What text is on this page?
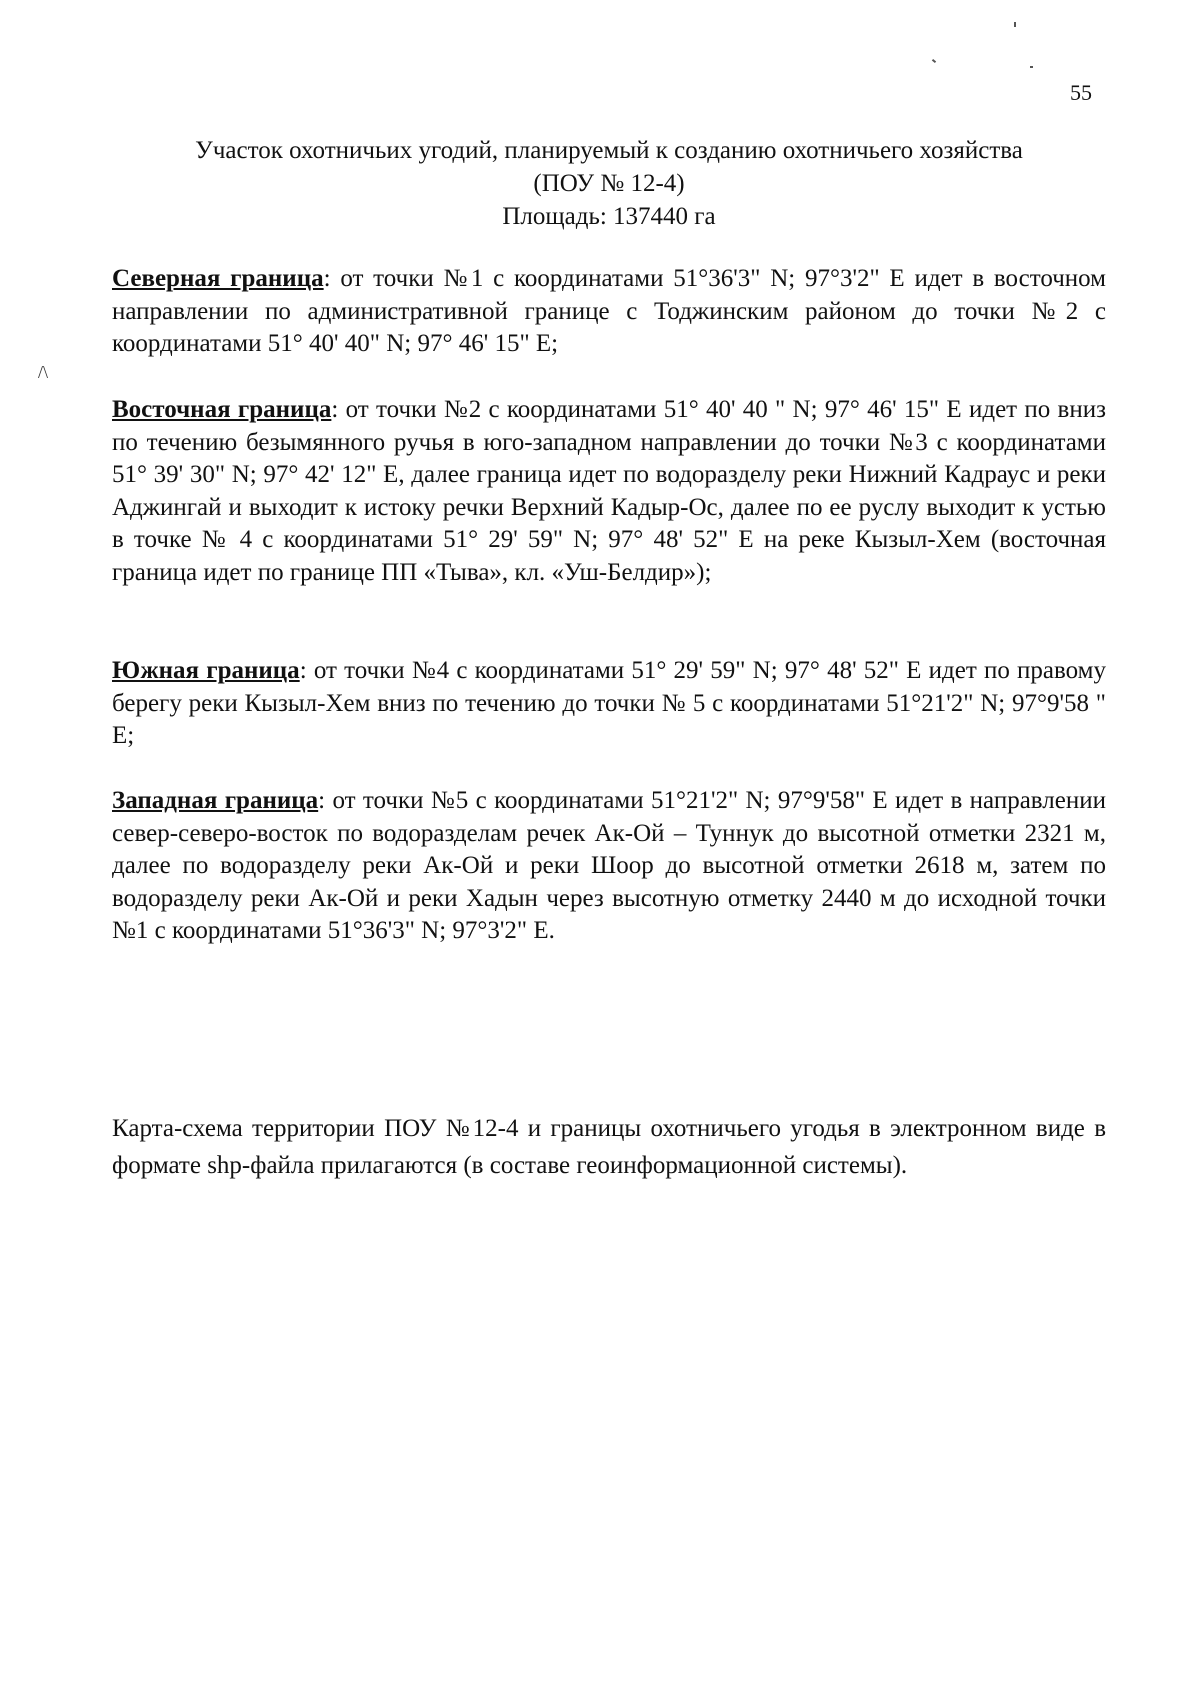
55
Участок охотничьих угодий, планируемый к созданию охотничьего хозяйства
(ПОУ № 12-4)
Площадь: 137440 га
/\
Северная граница: от точки №1 с координатами 51°36'3" N; 97°3'2" E идет в восточном направлении по административной границе с Тоджинским районом до точки №2 с координатами 51° 40' 40" N; 97° 46' 15" E;
Восточная граница: от точки №2 с координатами 51° 40' 40 " N; 97° 46' 15" E идет по вниз по течению безымянного ручья в юго-западном направлении до точки №3 с координатами 51° 39' 30" N; 97° 42' 12" E, далее граница идет по водоразделу реки Нижний Кадраус и реки Аджингай и выходит к истоку речки Верхний Кадыр-Ос, далее по ее руслу выходит к устью в точке № 4 с координатами 51° 29' 59" N; 97° 48' 52" E на реке Кызыл-Хем (восточная граница идет по границе ПП «Тыва», кл. «Уш-Белдир»);
Южная граница: от точки №4 с координатами 51° 29' 59" N; 97° 48' 52" E идет по правому берегу реки Кызыл-Хем вниз по течению до точки № 5 с координатами 51°21'2" N; 97°9'58 " E;
Западная граница: от точки №5 с координатами 51°21'2" N; 97°9'58" E идет в направлении север-северо-восток по водоразделам речек Ак-Ой – Туннук до высотной отметки 2321 м, далее по водоразделу реки Ак-Ой и реки Шоор до высотной отметки 2618 м, затем по водоразделу реки Ак-Ой и реки Хадын через высотную отметку 2440 м до исходной точки №1 с координатами 51°36'3" N; 97°3'2" E.
Карта-схема территории ПОУ №12-4 и границы охотничьего угодья в электронном виде в формате shp-файла прилагаются (в составе геоинформационной системы).
